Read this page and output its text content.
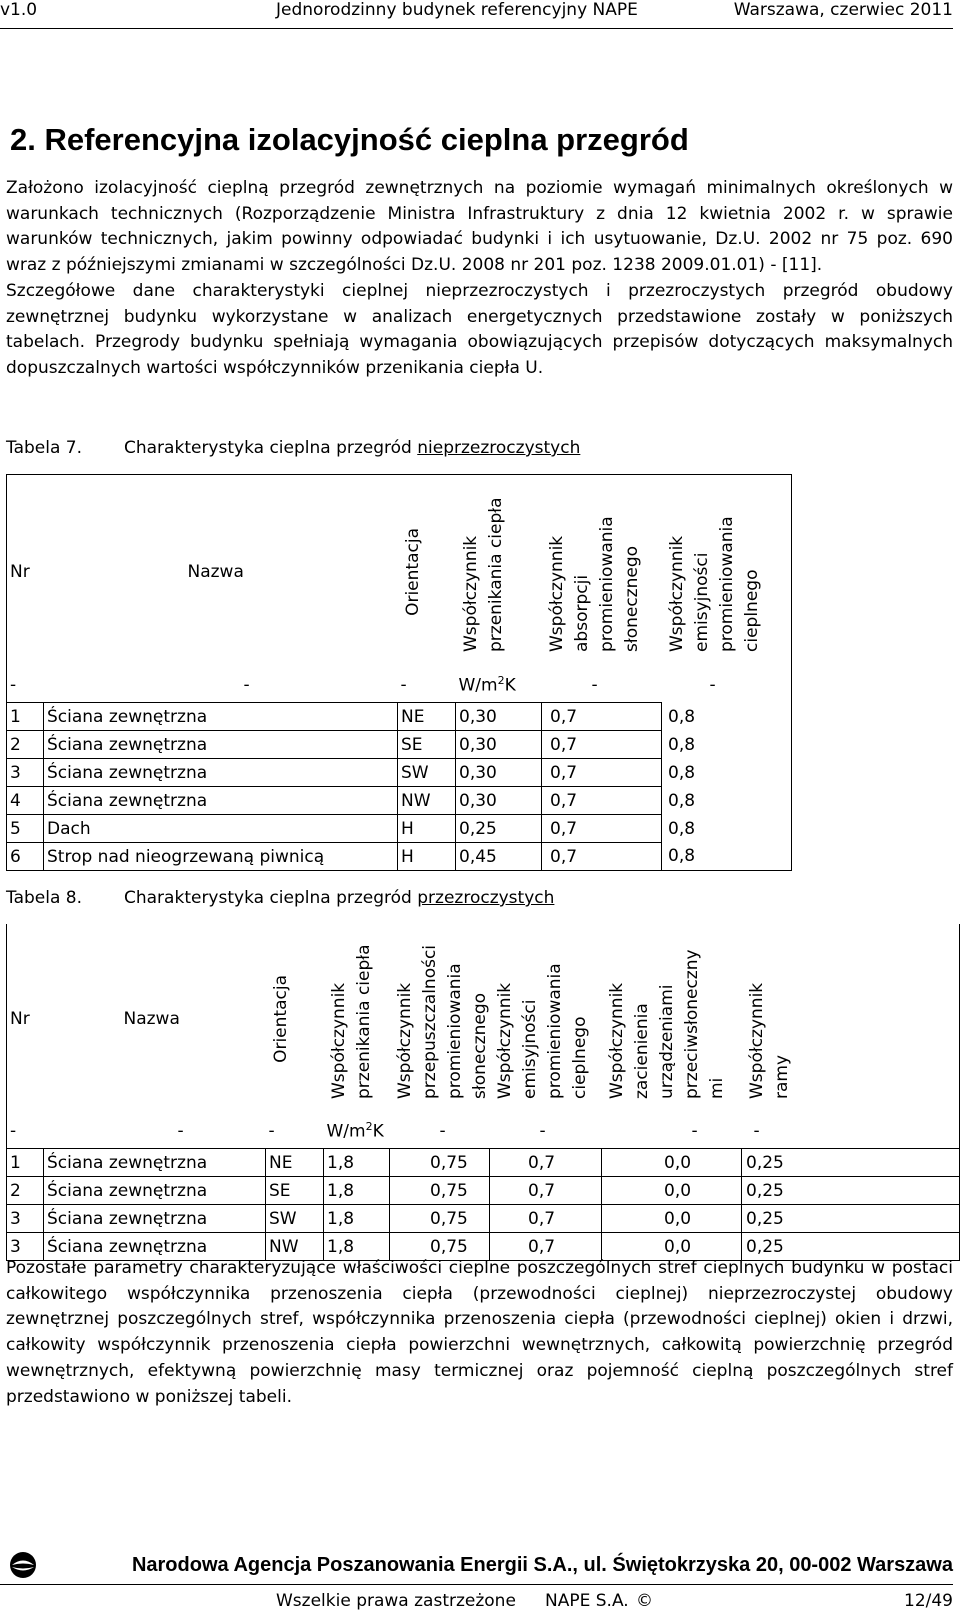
v1.0	Jednorodzinny budynek referencyjny NAPE	Warszawa, czerwiec 2011
2. Referencyjna izolacyjność cieplna przegród

Założono izolacyjność cieplną przegród zewnętrznych na poziomie wymagań minimalnych określonych w warunkach technicznych (Rozporządzenie Ministra Infrastruktury z dnia 12 kwietnia 2002 r. w sprawie warunków technicznych, jakim powinny odpowiadać budynki i ich usytuowanie, Dz.U. 2002 nr 75 poz. 690 wraz z późniejszymi zmianami w szczególności Dz.U. 2008 nr 201 poz. 1238 2009.01.01) - [11].
Szczegółowe dane charakterystyki cieplnej nieprzezroczystych i przezroczystych przegród obudowy zewnętrznej budynku wykorzystane w analizach energetycznych przedstawione zostały w poniższych tabelach. Przegrody budynku spełniają wymagania obowiązujących przepisów dotyczących maksymalnych dopuszczalnych wartości współczynników przenikania ciepła U.

Tabela 7. Charakterystyka cieplna przegród nieprzezroczystych
Nr	Nazwa	Orientacja	Współczynnik przenikania ciepła	Współczynnik absorpcji promieniowania słonecznego	Współczynnik emisyjności promieniowania cieplnego

-	-	-	$W/m^2K$	-	-
1	Ściana zewnętrzna	NE	0,30	0,7	0,8
2	Ściana zewnętrzna	SE	0,30	0,7	0,8
3	Ściana zewnętrzna	SW	0,30	0,7	0,8
4	Ściana zewnętrzna	NW	0,30	0,7	0,8
5	Dach	H	0,25	0,7	0,8
6	Strop nad nieogrzewaną piwnicą	H	0,45	0,7	0,8
Tabela 8. Charakterystyka cieplna przegród przezroczystych
Nr	Nazwa	Orientacja	Współczynnik przenikania ciepła	Współczynnik przepuszczalności promieniowania słonecznego	Współczynnik emisyjności promieniowania cieplnego	Współczynnik zacienienia urządzeniami przeciwsłoneczny mi	Współczynnik ramy

-	-	-	$W/m^2K$	-	-	-	-
1	Ściana zewnętrzna	NE	1,8	0,75	0,7	0,0	0,25
2	Ściana zewnętrzna	SE	1,8	0,75	0,7	0,0	0,25
3	Ściana zewnętrzna	SW	1,8	0,75	0,7	0,0	0,25
3	Ściana zewnętrzna	NW	1,8	0,75	0,7	0,0	0,25

Pozostałe parametry charakteryzujące właściwości cieplne poszczególnych stref cieplnych budynku w postaci całkowitego współczynnika przenoszenia ciepła (przewodności cieplnej) nieprzezroczystej obudowy zewnętrznej poszczególnych stref, współczynnika przenoszenia ciepła (przewodności cieplnej) okien i drzwi, całkowity współczynnik przenoszenia ciepła powierzchni wewnętrznych, całkowitą powierzchnię przegród wewnętrznych, efektywną powierzchnię masy termicznej oraz pojemność cieplną poszczególnych stref przedstawiono w poniższej tabeli.

Narodowa Agencja Poszanowania Energii S.A., ul. Świętokrzyska 20, 00-002 Warszawa
Wszelkie prawa zastrzeżone NAPE S.A. ©	12/49
